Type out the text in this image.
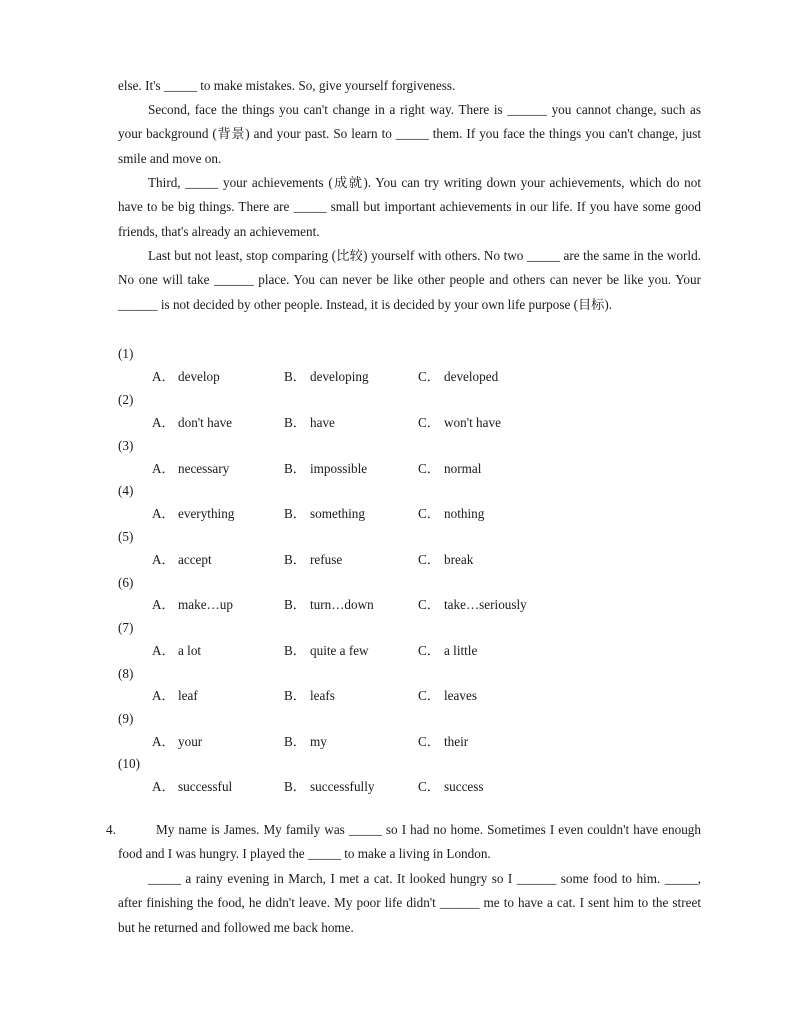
else. It's _____ to make mistakes. So, give yourself forgiveness.
Second, face the things you can't change in a right way. There is ______ you cannot change, such as your background (背景) and your past. So learn to _____ them. If you face the things you can't change, just smile and move on.
Third, _____ your achievements (成就). You can try writing down your achievements, which do not have to be big things. There are _____ small but important achievements in our life. If you have some good friends, that's already an achievement.
Last but not least, stop comparing (比较) yourself with others. No two _____ are the same in the world. No one will take ______ place. You can never be like other people and others can never be like you. Your ______ is not decided by other people. Instead, it is decided by your own life purpose (目标).
(1)
A． develop	B． developing	C． developed
(2)
A． don't have	B． have	C． won't have
(3)
A． necessary	B． impossible	C． normal
(4)
A． everything	B． something	C． nothing
(5)
A． accept	B． refuse	C． break
(6)
A． make…up	B． turn…down	C． take…seriously
(7)
A． a lot	B． quite a few	C． a little
(8)
A． leaf	B． leafs	C． leaves
(9)
A． your	B． my	C． their
(10)
A． successful	B． successfully	C． success
4.	My name is James. My family was _____ so I had no home. Sometimes I even couldn't have enough food and I was hungry. I played the _____ to make a living in London.
_____ a rainy evening in March, I met a cat. It looked hungry so I ______ some food to him. _____, after finishing the food, he didn't leave. My poor life didn't ______ me to have a cat. I sent him to the street but he returned and followed me back home.
